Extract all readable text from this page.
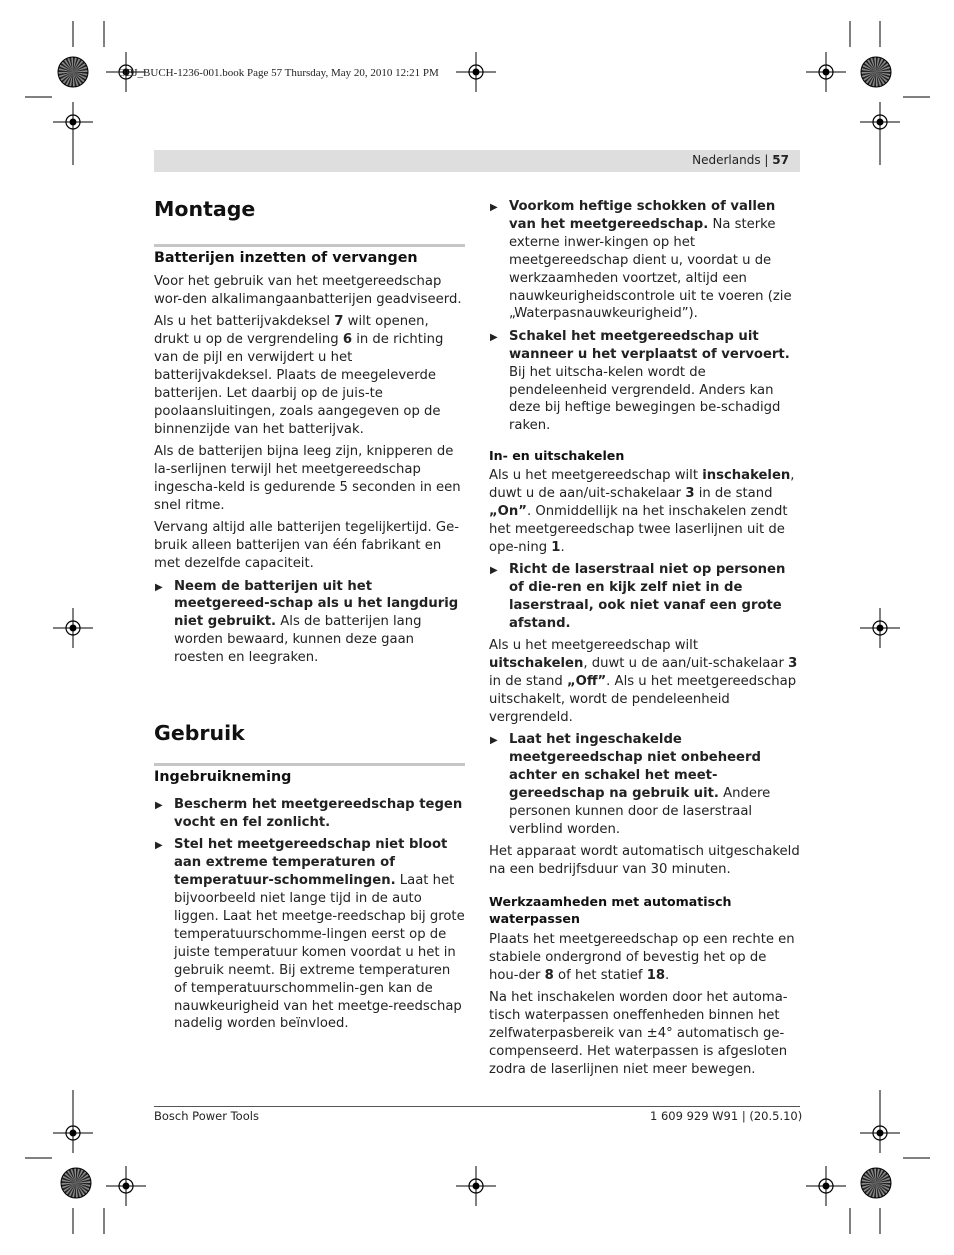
OBJ_BUCH-1236-001.book Page 57 Thursday, May 20, 2010 12:21 PM
Nederlands | 57
Montage
Batterijen inzetten of vervangen

Voor het gebruik van het meetgereedschap wor-den alkalimangaanbatterijen geadviseerd.

Als u het batterijvakdeksel 7 wilt openen, drukt u op de vergrendeling 6 in de richting van de pijl en verwijdert u het batterijvakdeksel. Plaats de meegeleverde batterijen. Let daarbij op de juis-te poolaansluitingen, zoals aangegeven op de binnenzijde van het batterijvak.

Als de batterijen bijna leeg zijn, knipperen de la-serlijnen terwijl het meetgereedschap ingescha-keld is gedurende 5 seconden in een snel ritme.

Vervang altijd alle batterijen tegelijkertijd. Ge-bruik alleen batterijen van één fabrikant en met dezelfde capaciteit.

▶ Neem de batterijen uit het meetgereed-schap als u het langdurig niet gebruikt. Als de batterijen lang worden bewaard, kunnen deze gaan roesten en leegraken.
Gebruik
Ingebruikneming
▶ Bescherm het meetgereedschap tegen vocht en fel zonlicht.
▶ Stel het meetgereedschap niet bloot aan extreme temperaturen of temperatuur-schommelingen. Laat het bijvoorbeeld niet lange tijd in de auto liggen. Laat het meetge-reedschap bij grote temperatuurschomme-lingen eerst op de juiste temperatuur komen voordat u het in gebruik neemt. Bij extreme temperaturen of temperatuurschommelin-gen kan de nauwkeurigheid van het meetge-reedschap nadelig worden beïnvloed.
▶ Voorkom heftige schokken of vallen van het meetgereedschap. Na sterke externe inwer-kingen op het meetgereedschap dient u, voordat u de werkzaamheden voortzet, altijd een nauwkeurigheidscontrole uit te voeren (zie „Waterpasnauwkeurigheid”).
▶ Schakel het meetgereedschap uit wanneer u het verplaatst of vervoert. Bij het uitscha-kelen wordt de pendeleenheid vergrendeld. Anders kan deze bij heftige bewegingen be-schadigd raken.
In- en uitschakelen

Als u het meetgereedschap wilt inschakelen, duwt u de aan/uit-schakelaar 3 in de stand „On”. Onmiddellijk na het inschakelen zendt het meetgereedschap twee laserlijnen uit de ope-ning 1.

▶ Richt de laserstraal niet op personen of die-ren en kijk zelf niet in de laserstraal, ook niet vanaf een grote afstand.

Als u het meetgereedschap wilt uitschakelen, duwt u de aan/uit-schakelaar 3 in de stand „Off”. Als u het meetgereedschap uitschakelt, wordt de pendeleenheid vergrendeld.

▶ Laat het ingeschakelde meetgereedschap niet onbeheerd achter en schakel het meet-gereedschap na gebruik uit. Andere personen kunnen door de laserstraal verblind worden.

Het apparaat wordt automatisch uitgeschakeld na een bedrijfsduur van 30 minuten.

Werkzaamheden met automatisch waterpassen

Plaats het meetgereedschap op een rechte en stabiele ondergrond of bevestig het op de hou-der 8 of het statief 18.

Na het inschakelen worden door het automa-tisch waterpassen oneffenheden binnen het zelfwaterpasbereik van ±4° automatisch ge-compenseerd. Het waterpassen is afgesloten zodra de laserlijnen niet meer bewegen.

Bosch Power Tools	1 609 929 W91 | (20.5.10)
